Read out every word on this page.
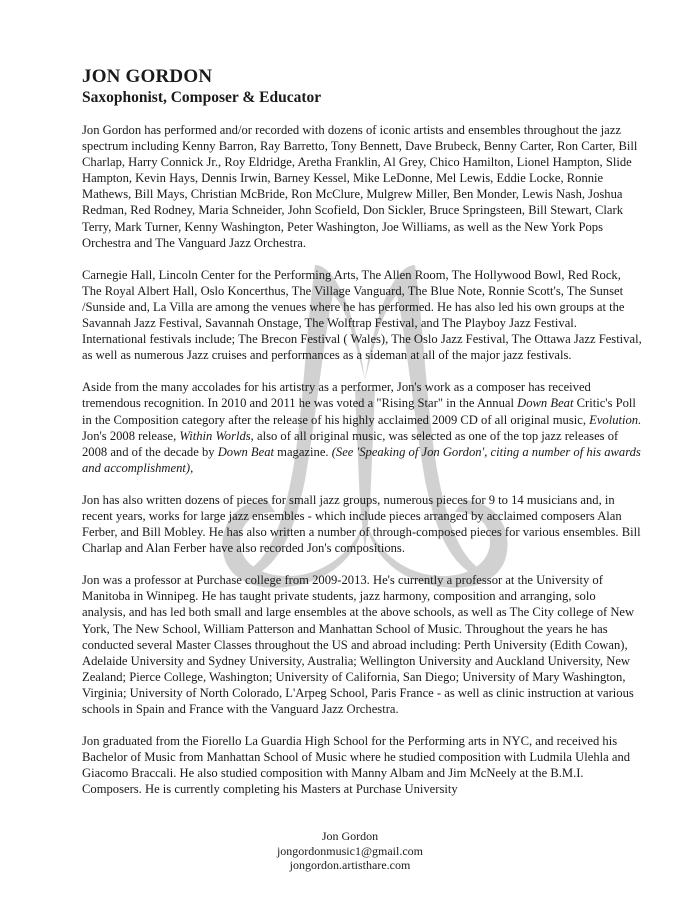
JON GORDON
Saxophonist, Composer & Educator

Jon Gordon has performed and/or recorded with dozens of iconic artists and ensembles throughout the jazz spectrum including Kenny Barron, Ray Barretto, Tony Bennett, Dave Brubeck, Benny Carter, Ron Carter, Bill Charlap, Harry Connick Jr., Roy Eldridge, Aretha Franklin, Al Grey, Chico Hamilton, Lionel Hampton, Slide Hampton, Kevin Hays, Dennis Irwin, Barney Kessel, Mike LeDonne, Mel Lewis, Eddie Locke, Ronnie Mathews, Bill Mays, Christian McBride, Ron McClure, Mulgrew Miller, Ben Monder, Lewis Nash, Joshua Redman, Red Rodney, Maria Schneider, John Scofield, Don Sickler, Bruce Springsteen, Bill Stewart, Clark Terry, Mark Turner, Kenny Washington, Peter Washington, Joe Williams, as well as the New York Pops Orchestra and The Vanguard Jazz Orchestra.

Carnegie Hall, Lincoln Center for the Performing Arts, The Allen Room, The Hollywood Bowl, Red Rock, The Royal Albert Hall, Oslo Koncerthus, The Village Vanguard, The Blue Note, Ronnie Scott's, The Sunset /Sunside and, La Villa are among the venues where he has performed. He has also led his own groups at the Savannah Jazz Festival, Savannah Onstage, The Wolftrap Festival, and The Playboy Jazz Festival. International festivals include; The Brecon Festival ( Wales), The Oslo Jazz Festival, The Ottawa Jazz Festival, as well as numerous Jazz cruises and performances as a sideman at all of the major jazz festivals.

Aside from the many accolades for his artistry as a performer, Jon's work as a composer has received tremendous recognition. In 2010 and 2011 he was voted a "Rising Star" in the Annual Down Beat Critic's Poll in the Composition category after the release of his highly acclaimed 2009 CD of all original music, Evolution. Jon's 2008 release, Within Worlds, also of all original music, was selected as one of the top jazz releases of 2008 and of the decade by Down Beat magazine. (See 'Speaking of Jon Gordon', citing a number of his awards and accomplishment),

Jon has also written dozens of pieces for small jazz groups, numerous pieces for 9 to 14 musicians and, in recent years, works for large jazz ensembles - which include pieces arranged by acclaimed composers Alan Ferber, and Bill Mobley. He has also written a number of through-composed pieces for various ensembles. Bill Charlap and Alan Ferber have also recorded Jon's compositions.

Jon was a professor at Purchase college from 2009-2013. He's currently a professor at the University of Manitoba in Winnipeg. He has taught private students, jazz harmony, composition and arranging, solo analysis, and has led both small and large ensembles at the above schools, as well as The City college of New York, The New School, William Patterson and Manhattan School of Music. Throughout the years he has conducted several Master Classes throughout the US and abroad including: Perth University (Edith Cowan), Adelaide University and Sydney University, Australia; Wellington University and Auckland University, New Zealand; Pierce College, Washington; University of California, San Diego; University of Mary Washington, Virginia; University of North Colorado, L'Arpeg School, Paris France - as well as clinic instruction at various schools in Spain and France with the Vanguard Jazz Orchestra.

Jon graduated from the Fiorello La Guardia High School for the Performing arts in NYC, and received his Bachelor of Music from Manhattan School of Music where he studied composition with Ludmila Ulehla and Giacomo Braccali. He also studied composition with Manny Albam and Jim McNeely at the B.M.I. Composers. He is currently completing his Masters at Purchase University

Jon Gordon
jongordonmusic1@gmail.com
jongordon.artisthare.com
